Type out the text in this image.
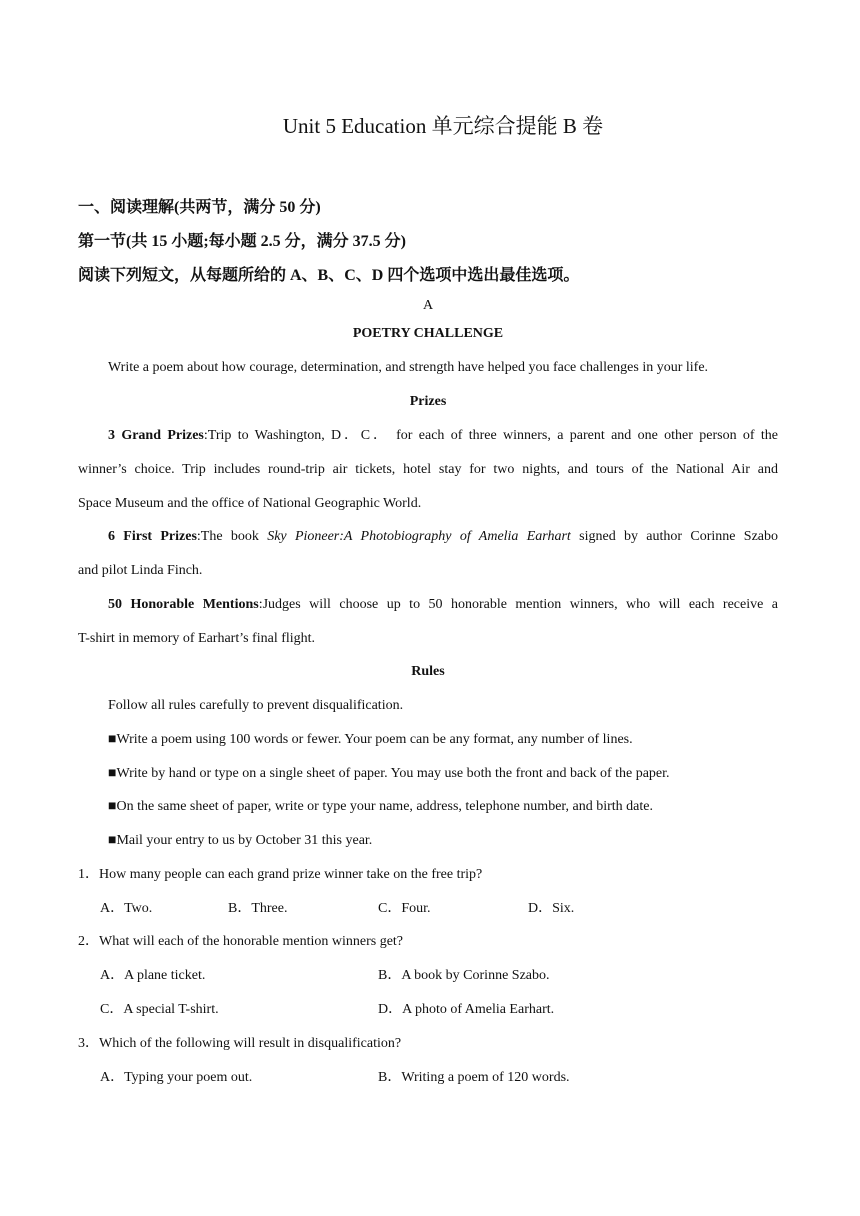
Unit 5 Education 单元综合提能 B 卷
一、阅读理解(共两节，满分 50 分)
第一节(共 15 小题;每小题 2.5 分，满分 37.5 分)
阅读下列短文，从每题所给的 A、B、C、D 四个选项中选出最佳选项。
A
POETRY CHALLENGE
Write a poem about how courage, determination, and strength have helped you face challenges in your life.
Prizes
3 Grand Prizes:Trip to Washington, D．C． for each of three winners, a parent and one other person of the
winner’s choice. Trip includes round-trip air tickets, hotel stay for two nights, and tours of the National Air and
Space Museum and the office of National Geographic World.
6 First Prizes:The book Sky Pioneer:A Photobiography of Amelia Earhart signed by author Corinne Szabo
and pilot Linda Finch.
50 Honorable Mentions:Judges will choose up to 50 honorable mention winners, who will each receive a
T-shirt in memory of Earhart’s final flight.
Rules
Follow all rules carefully to prevent disqualification.
■Write a poem using 100 words or fewer. Your poem can be any format, any number of lines.
■Write by hand or type on a single sheet of paper. You may use both the front and back of the paper.
■On the same sheet of paper, write or type your name, address, telephone number, and birth date.
■Mail your entry to us by October 31 this year.
1．How many people can each grand prize winner take on the free trip?
A．Two.	B．Three.	C．Four.	D．Six.
2．What will each of the honorable mention winners get?
A．A plane ticket.	B．A book by Corinne Szabo.
C．A special T-shirt.	D．A photo of Amelia Earhart.
3．Which of the following will result in disqualification?
A．Typing your poem out.	B．Writing a poem of 120 words.
